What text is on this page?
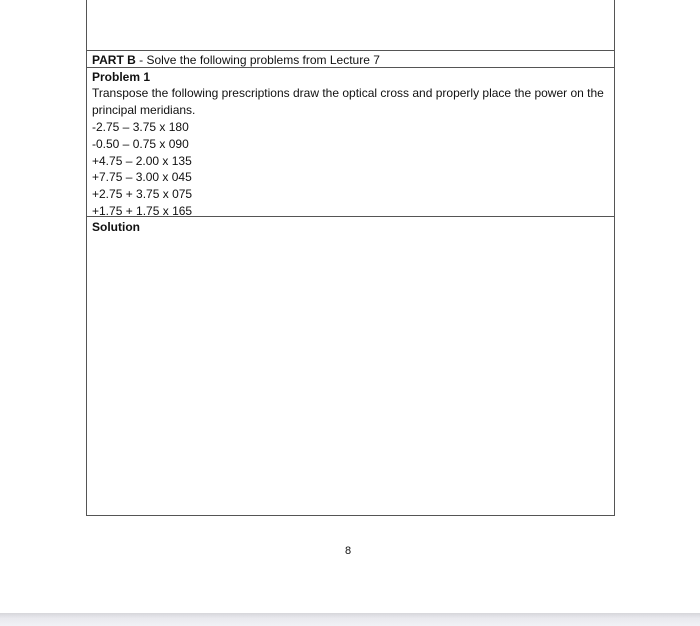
PART B - Solve the following problems from Lecture 7
Problem 1
Transpose the following prescriptions draw the optical cross and properly place the power on the principal meridians.
-2.75 – 3.75 x 180
-0.50 – 0.75 x 090
+4.75 – 2.00 x 135
+7.75 – 3.00 x 045
+2.75 + 3.75 x 075
+1.75 + 1.75 x 165
Solution
8
